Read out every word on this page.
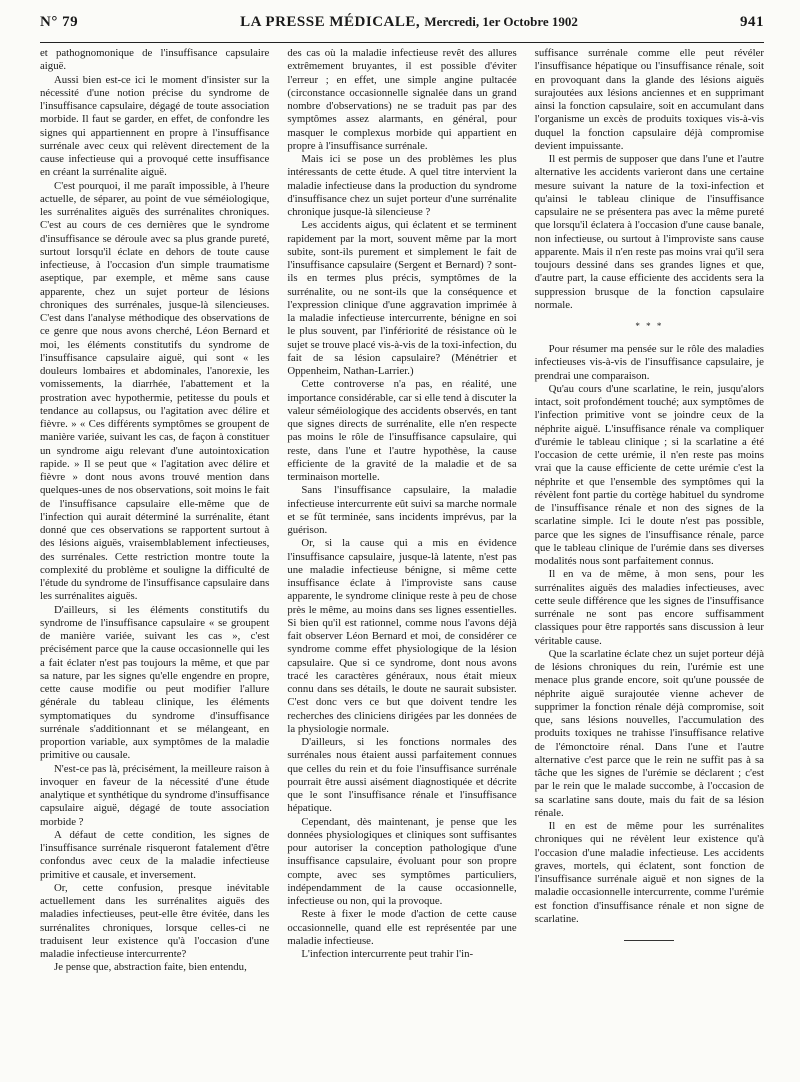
N° 79	LA PRESSE MÉDICALE, Mercredi, 1er Octobre 1902	941

et pathognomonique de l'insuffisance capsulaire aiguë.

Aussi bien est-ce ici le moment d'insister sur la nécessité d'une notion précise du syndrome de l'insuffisance capsulaire, dégagé de toute association morbide. Il faut se garder, en effet, de confondre les signes qui appartiennent en propre à l'insuffisance surrénale avec ceux qui relèvent directement de la cause infectieuse qui a provoqué cette insuffisance en créant la surrénalite aiguë.

C'est pourquoi, il me paraît impossible, à l'heure actuelle, de séparer, au point de vue séméiologique, les surrénalites aiguës des surrénalites chroniques. C'est au cours de ces dernières que le syndrome d'insuffisance se déroule avec sa plus grande pureté, surtout lorsqu'il éclate en dehors de toute cause infectieuse, à l'occasion d'un simple traumatisme aseptique, par exemple, et même sans cause apparente, chez un sujet porteur de lésions chroniques des surrénales, jusque-là silencieuses. C'est dans l'analyse méthodique des observations de ce genre que nous avons cherché, Léon Bernard et moi, les éléments constitutifs du syndrome de l'insuffisance capsulaire aiguë, qui sont « les douleurs lombaires et abdominales, l'anorexie, les vomissements, la diarrhée, l'abattement et la prostration avec hypothermie, petitesse du pouls et tendance au collapsus, ou l'agitation avec délire et fièvre. » « Ces différents symptômes se groupent de manière variée, suivant les cas, de façon à constituer un syndrome aigu relevant d'une autointoxication rapide. » Il se peut que « l'agitation avec délire et fièvre » dont nous avons trouvé mention dans quelques-unes de nos observations, soit moins le fait de l'insuffisance capsulaire elle-même que de l'infection qui aurait déterminé la surrénalite, étant donné que ces observations se rapportent surtout à des lésions aiguës, vraisemblablement infectieuses, des surrénales. Cette restriction montre toute la complexité du problème et souligne la difficulté de l'étude du syndrome de l'insuffisance capsulaire dans les surrénalites aiguës.

D'ailleurs, si les éléments constitutifs du syndrome de l'insuffisance capsulaire « se groupent de manière variée, suivant les cas », c'est précisément parce que la cause occasionnelle qui les a fait éclater n'est pas toujours la même, et que par sa nature, par les signes qu'elle engendre en propre, cette cause modifie ou peut modifier l'allure générale du tableau clinique, les éléments symptomatiques du syndrome d'insuffisance surrénale s'additionnant et se mélangeant, en proportion variable, aux symptômes de la maladie primitive ou causale.

N'est-ce pas là, précisément, la meilleure raison à invoquer en faveur de la nécessité d'une étude analytique et synthétique du syndrome d'insuffisance capsulaire aiguë, dégagé de toute association morbide ?

A défaut de cette condition, les signes de l'insuffisance surrénale risqueront fatalement d'être confondus avec ceux de la maladie infectieuse primitive et causale, et inversement.

Or, cette confusion, presque inévitable actuellement dans les surrénalites aiguës des maladies infectieuses, peut-elle être évitée, dans les surrénalites chroniques, lorsque celles-ci ne traduisent leur existence qu'à l'occasion d'une maladie infectieuse intercurrente?

Je pense que, abstraction faite, bien entendu,

des cas où la maladie infectieuse revêt des allures extrêmement bruyantes, il est possible d'éviter l'erreur ; en effet, une simple angine pultacée (circonstance occasionnelle signalée dans un grand nombre d'observations) ne se traduit pas par des symptômes assez alarmants, en général, pour masquer le complexus morbide qui appartient en propre à l'insuffisance surrénale.

Mais ici se pose un des problèmes les plus intéressants de cette étude. A quel titre intervient la maladie infectieuse dans la production du syndrome d'insuffisance chez un sujet porteur d'une surrénalite chronique jusque-là silencieuse ?

Les accidents aigus, qui éclatent et se terminent rapidement par la mort, souvent même par la mort subite, sont-ils purement et simplement le fait de l'insuffisance capsulaire (Sergent et Bernard) ? sont-ils en termes plus précis, symptômes de la surrénalite, ou ne sont-ils que la conséquence et l'expression clinique d'une aggravation imprimée à la maladie infectieuse intercurrente, bénigne en soi le plus souvent, par l'infériorité de résistance où le sujet se trouve placé vis-à-vis de la toxi-infection, du fait de sa lésion capsulaire? (Ménétrier et Oppenheim, Nathan-Larrier.)

Cette controverse n'a pas, en réalité, une importance considérable, car si elle tend à discuter la valeur séméiologique des accidents observés, en tant que signes directs de surrénalite, elle n'en respecte pas moins le rôle de l'insuffisance capsulaire, qui reste, dans l'une et l'autre hypothèse, la cause efficiente de la gravité de la maladie et de sa terminaison mortelle.

Sans l'insuffisance capsulaire, la maladie infectieuse intercurrente eût suivi sa marche normale et se fût terminée, sans incidents imprévus, par la guérison.

Or, si la cause qui a mis en évidence l'insuffisance capsulaire, jusque-là latente, n'est pas une maladie infectieuse bénigne, si même cette insuffisance éclate à l'improviste sans cause apparente, le syndrome clinique reste à peu de chose près le même, au moins dans ses lignes essentielles. Si bien qu'il est rationnel, comme nous l'avons déjà fait observer Léon Bernard et moi, de considérer ce syndrome comme effet physiologique de la lésion capsulaire. Que si ce syndrome, dont nous avons tracé les caractères généraux, nous était mieux connu dans ses détails, le doute ne saurait subsister. C'est donc vers ce but que doivent tendre les recherches des cliniciens dirigées par les données de la physiologie normale.

D'ailleurs, si les fonctions normales des surrénales nous étaient aussi parfaitement connues que celles du rein et du foie l'insuffisance surrénale pourrait être aussi aisément diagnostiquée et décrite que le sont l'insuffisance rénale et l'insuffisance hépatique.

Cependant, dès maintenant, je pense que les données physiologiques et cliniques sont suffisantes pour autoriser la conception pathologique d'une insuffisance capsulaire, évoluant pour son propre compte, avec ses symptômes particuliers, indépendamment de la cause occasionnelle, infectieuse ou non, qui la provoque.

Reste à fixer le mode d'action de cette cause occasionnelle, quand elle est représentée par une maladie infectieuse.

L'infection intercurrente peut trahir l'in-

suffisance surrénale comme elle peut révéler l'insuffisance hépatique ou l'insuffisance rénale, soit en provoquant dans la glande des lésions aiguës surajoutées aux lésions anciennes et en supprimant ainsi la fonction capsulaire, soit en accumulant dans l'organisme un excès de produits toxiques vis-à-vis duquel la fonction capsulaire déjà compromise devient impuissante.

Il est permis de supposer que dans l'une et l'autre alternative les accidents varieront dans une certaine mesure suivant la nature de la toxi-infection et qu'ainsi le tableau clinique de l'insuffisance capsulaire ne se présentera pas avec la même pureté que lorsqu'il éclatera à l'occasion d'une cause banale, non infectieuse, ou surtout à l'improviste sans cause apparente. Mais il n'en reste pas moins vrai qu'il sera toujours dessiné dans ses grandes lignes et que, d'autre part, la cause efficiente des accidents sera la suppression brusque de la fonction capsulaire normale.

* * *

Pour résumer ma pensée sur le rôle des maladies infectieuses vis-à-vis de l'insuffisance capsulaire, je prendrai une comparaison.

Qu'au cours d'une scarlatine, le rein, jusqu'alors intact, soit profondément touché; aux symptômes de l'infection primitive vont se joindre ceux de la néphrite aiguë. L'insuffisance rénale va compliquer d'urémie le tableau clinique ; si la scarlatine a été l'occasion de cette urémie, il n'en reste pas moins vrai que la cause efficiente de cette urémie c'est la néphrite et que l'ensemble des symptômes qui la révèlent font partie du cortège habituel du syndrome de l'insuffisance rénale et non des signes de la scarlatine simple. Ici le doute n'est pas possible, parce que les signes de l'insuffisance rénale, parce que le tableau clinique de l'urémie dans ses diverses modalités nous sont parfaitement connus.

Il en va de même, à mon sens, pour les surrénalites aiguës des maladies infectieuses, avec cette seule différence que les signes de l'insuffisance surrénale ne sont pas encore suffisamment classiques pour être rapportés sans discussion à leur véritable cause.

Que la scarlatine éclate chez un sujet porteur déjà de lésions chroniques du rein, l'urémie est une menace plus grande encore, soit qu'une poussée de néphrite aiguë surajoutée vienne achever de supprimer la fonction rénale déjà compromise, soit que, sans lésions nouvelles, l'accumulation des produits toxiques ne trahisse l'insuffisance relative de l'émonctoire rénal. Dans l'une et l'autre alternative c'est parce que le rein ne suffit pas à sa tâche que les signes de l'urémie se déclarent ; c'est par le rein que le malade succombe, à l'occasion de sa scarlatine sans doute, mais du fait de sa lésion rénale.

Il en est de même pour les surrénalites chroniques qui ne révèlent leur existence qu'à l'occasion d'une maladie infectieuse. Les accidents graves, mortels, qui éclatent, sont fonction de l'insuffisance surrénale aiguë et non signes de la maladie occasionnelle intercurrente, comme l'urémie est fonction d'insuffisance rénale et non signe de scarlatine.
